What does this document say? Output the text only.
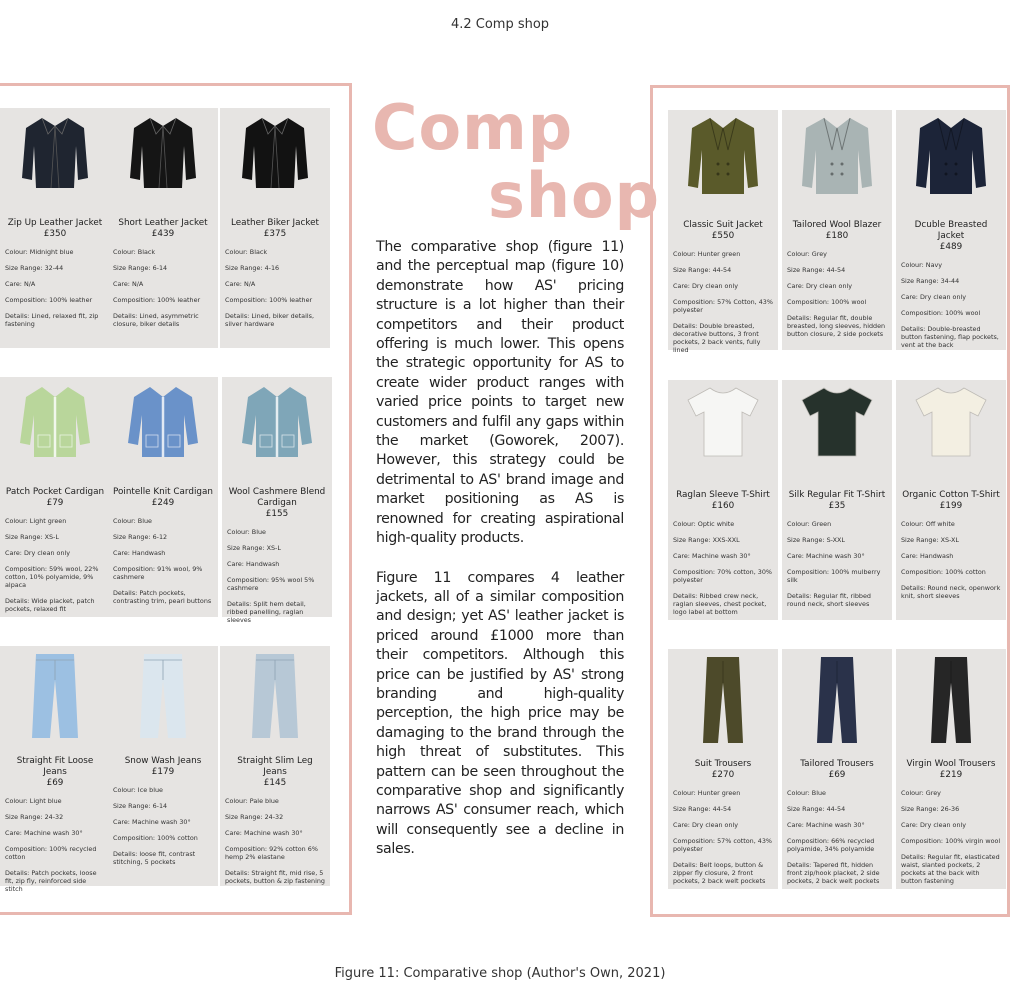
4.2 Comp shop
Comp
shop

The comparative shop (figure 11) and the perceptual map (figure 10) demonstrate how AS' pricing structure is a lot higher than their competitors and their product offering is much lower. This opens the strategic opportunity for AS to create wider product ranges with varied price points to target new customers and fulfil any gaps within the market (Goworek, 2007). However, this strategy could be detrimental to AS' brand image and market positioning as AS is renowned for creating aspirational high-quality products.

Figure 11 compares 4 leather jackets, all of a similar composition and design; yet AS' leather jacket is priced around £1000 more than their competitors. Although this price can be justified by AS' strong branding and high-quality perception, the high price may be damaging to the brand through the high threat of substitutes. This pattern can be seen throughout the comparative shop and significantly narrows AS' consumer reach, which will consequently see a decline in sales.

Zip Up Leather Jacket
£350
Colour: Midnight blue
Size Range: 32-44
Care: N/A
Composition: 100% leather
Details: Lined, relaxed fit, zip fastening
Short Leather Jacket
£439
Colour: Black
Size Range: 6-14
Care: N/A
Composition: 100% leather
Details: Lined, asymmetric closure, biker details
Leather Biker Jacket
£375
Colour: Black
Size Range: 4-16
Care: N/A
Composition: 100% leather
Details: Lined, biker details, silver hardware
Patch Pocket Cardigan
£79
Colour: Light green
Size Range: XS-L
Care: Dry clean only
Composition: 59% wool, 22% cotton, 10% polyamide, 9% alpaca
Details: Wide placket, patch pockets, relaxed fit
Pointelle Knit Cardigan
£249
Colour: Blue
Size Range: 6-12
Care: Handwash
Composition: 91% wool, 9% cashmere
Details: Patch pockets, contrasting trim, pearl buttons
Wool Cashmere Blend Cardigan
£155
Colour: Blue
Size Range: XS-L
Care: Handwash
Composition: 95% wool 5% cashmere
Details: Split hem detail, ribbed panelling, raglan sleeves
Straight Fit Loose Jeans
£69
Colour: Light blue
Size Range: 24-32
Care: Machine wash 30°
Composition: 100% recycled cotton
Details: Patch pockets, loose fit, zip fly, reinforced side stitch
Snow Wash Jeans
£179
Colour: Ice blue
Size Range: 6-14
Care: Machine wash 30°
Composition: 100% cotton
Details: loose fit, contrast stitching, 5 pockets
Straight Slim Leg Jeans
£145
Colour: Pale blue
Size Range: 24-32
Care: Machine wash 30°
Composition: 92% cotton 6% hemp 2% elastane
Details: Straight fit, mid rise, 5 pockets, button & zip fastening
Classic Suit Jacket
£550
Colour: Hunter green
Size Range: 44-54
Care: Dry clean only
Composition: 57% Cotton, 43% polyester
Details: Double breasted, decorative buttons, 3 front pockets, 2 back vents, fully lined
Tailored Wool Blazer
£180
Colour: Grey
Size Range: 44-54
Care: Dry clean only
Composition: 100% wool
Details: Regular fit, double breasted, long sleeves, hidden button closure, 2 side pockets
Dcuble Breasted Jacket
£489
Colour: Navy
Size Range: 34-44
Care: Dry clean only
Composition: 100% wool
Details: Double-breasted button fastening, flap pockets, vent at the back
Raglan Sleeve T-Shirt
£160
Colour: Optic white
Size Range: XXS-XXL
Care: Machine wash 30°
Composition: 70% cotton, 30% polyester
Details: Ribbed crew neck, raglan sleeves, chest pocket, logo label at bottom
Silk Regular Fit T-Shirt
£35
Colour: Green
Size Range: S-XXL
Care: Machine wash 30°
Composition: 100% mulberry silk
Details: Regular fit, ribbed round neck, short sleeves
Organic Cotton T-Shirt
£199
Colour: Off white
Size Range: XS-XL
Care: Handwash
Composition: 100% cotton
Details: Round neck, openwork knit, short sleeves
Suit Trousers
£270
Colour: Hunter green
Size Range: 44-54
Care: Dry clean only
Composition: 57% cotton, 43% polyester
Details: Belt loops, button & zipper fly closure, 2 front pockets, 2 back welt pockets
Tailored Trousers
£69
Colour: Blue
Size Range: 44-54
Care: Machine wash 30°
Composition: 66% recycled polyamide, 34% polyamide
Details: Tapered fit, hidden front zip/hook placket, 2 side pockets, 2 back welt pockets
Virgin Wool Trousers
£219
Colour: Grey
Size Range: 26-36
Care: Dry clean only
Composition: 100% virgin wool
Details: Regular fit, elasticated waist, slanted pockets, 2 pockets at the back with button fastening
Figure 11: Comparative shop (Author's Own, 2021)
